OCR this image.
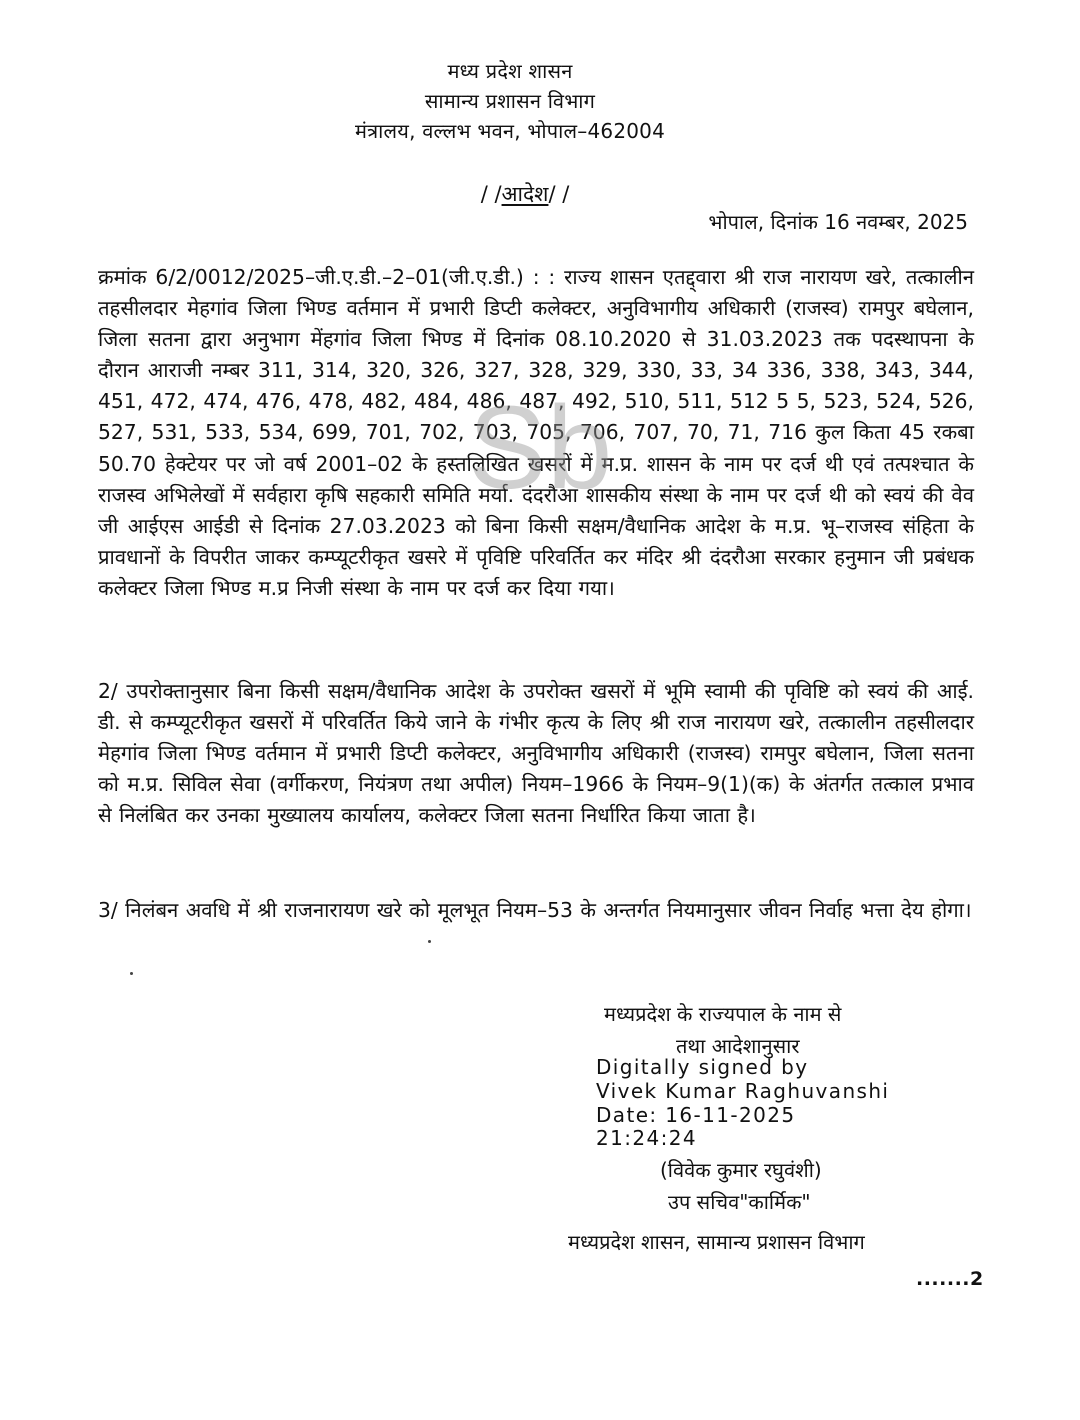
मध्य प्रदेश शासन
सामान्य प्रशासन विभाग
मंत्रालय, वल्लभ भवन, भोपाल–462004
/ /आदेश/ /
भोपाल, दिनांक 16 नवम्बर, 2025
क्रमांक 6/2/0012/2025–जी.ए.डी.–2–01(जी.ए.डी.) : : राज्य शासन एतद्द्वारा श्री राज नारायण खरे, तत्कालीन तहसीलदार मेहगांव जिला भिण्ड वर्तमान में प्रभारी डिप्टी कलेक्टर, अनुविभागीय अधिकारी (राजस्व) रामपुर बघेलान, जिला सतना द्वारा अनुभाग मेंहगांव जिला भिण्ड में दिनांक 08.10.2020 से 31.03.2023 तक पदस्थापना के दौरान आराजी नम्बर 311, 314, 320, 326, 327, 328, 329, 330, 33, 34 336, 338, 343, 344, 451, 472, 474, 476, 478, 482, 484, 486, 487, 492, 510, 511, 512 5 5, 523, 524, 526, 527, 531, 533, 534, 699, 701, 702, 703, 705, 706, 707, 70, 71, 716 कुल किता 45 रकबा 50.70 हेक्टेयर पर जो वर्ष 2001–02 के हस्तलिखित खसरों में म.प्र. शासन के नाम पर दर्ज थी एवं तत्पश्चात के राजस्व अभिलेखों में सर्वहारा कृषि सहकारी समिति मर्या. दंदरौआ शासकीय संस्था के नाम पर दर्ज थी को स्वयं की वेव जी आईएस आईडी से दिनांक 27.03.2023 को बिना किसी सक्षम/वैधानिक आदेश के म.प्र. भू–राजस्व संहिता के प्रावधानों के विपरीत जाकर कम्प्यूटरीकृत खसरे में पृविष्टि परिवर्तित कर मंदिर श्री दंदरौआ सरकार हनुमान जी प्रबंधक कलेक्टर जिला भिण्ड म.प्र निजी संस्था के नाम पर दर्ज कर दिया गया।
2/ उपरोक्तानुसार बिना किसी सक्षम/वैधानिक आदेश के उपरोक्त खसरों में भूमि स्वामी की पृविष्टि को स्वयं की आई. डी. से कम्प्यूटरीकृत खसरों में परिवर्तित किये जाने के गंभीर कृत्य के लिए श्री राज नारायण खरे, तत्कालीन तहसीलदार मेहगांव जिला भिण्ड वर्तमान में प्रभारी डिप्टी कलेक्टर, अनुविभागीय अधिकारी (राजस्व) रामपुर बघेलान, जिला सतना को म.प्र. सिविल सेवा (वर्गीकरण, नियंत्रण तथा अपील) नियम–1966 के नियम–9(1)(क) के अंतर्गत तत्काल प्रभाव से निलंबित कर उनका मुख्यालय कार्यालय, कलेक्टर जिला सतना निर्धारित किया जाता है।
3/ निलंबन अवधि में श्री राजनारायण खरे को मूलभूत नियम–53 के अन्तर्गत नियमानुसार जीवन निर्वाह भत्ता देय होगा।
मध्यप्रदेश के राज्यपाल के नाम से
तथा आदेशानुसार
Digitally signed by
Vivek Kumar Raghuvanshi
Date: 16-11-2025
21:24:24
(विवेक कुमार रघुवंशी)
उप सचिव"कार्मिक"
मध्यप्रदेश शासन, सामान्य प्रशासन विभाग
.......2
Sb
